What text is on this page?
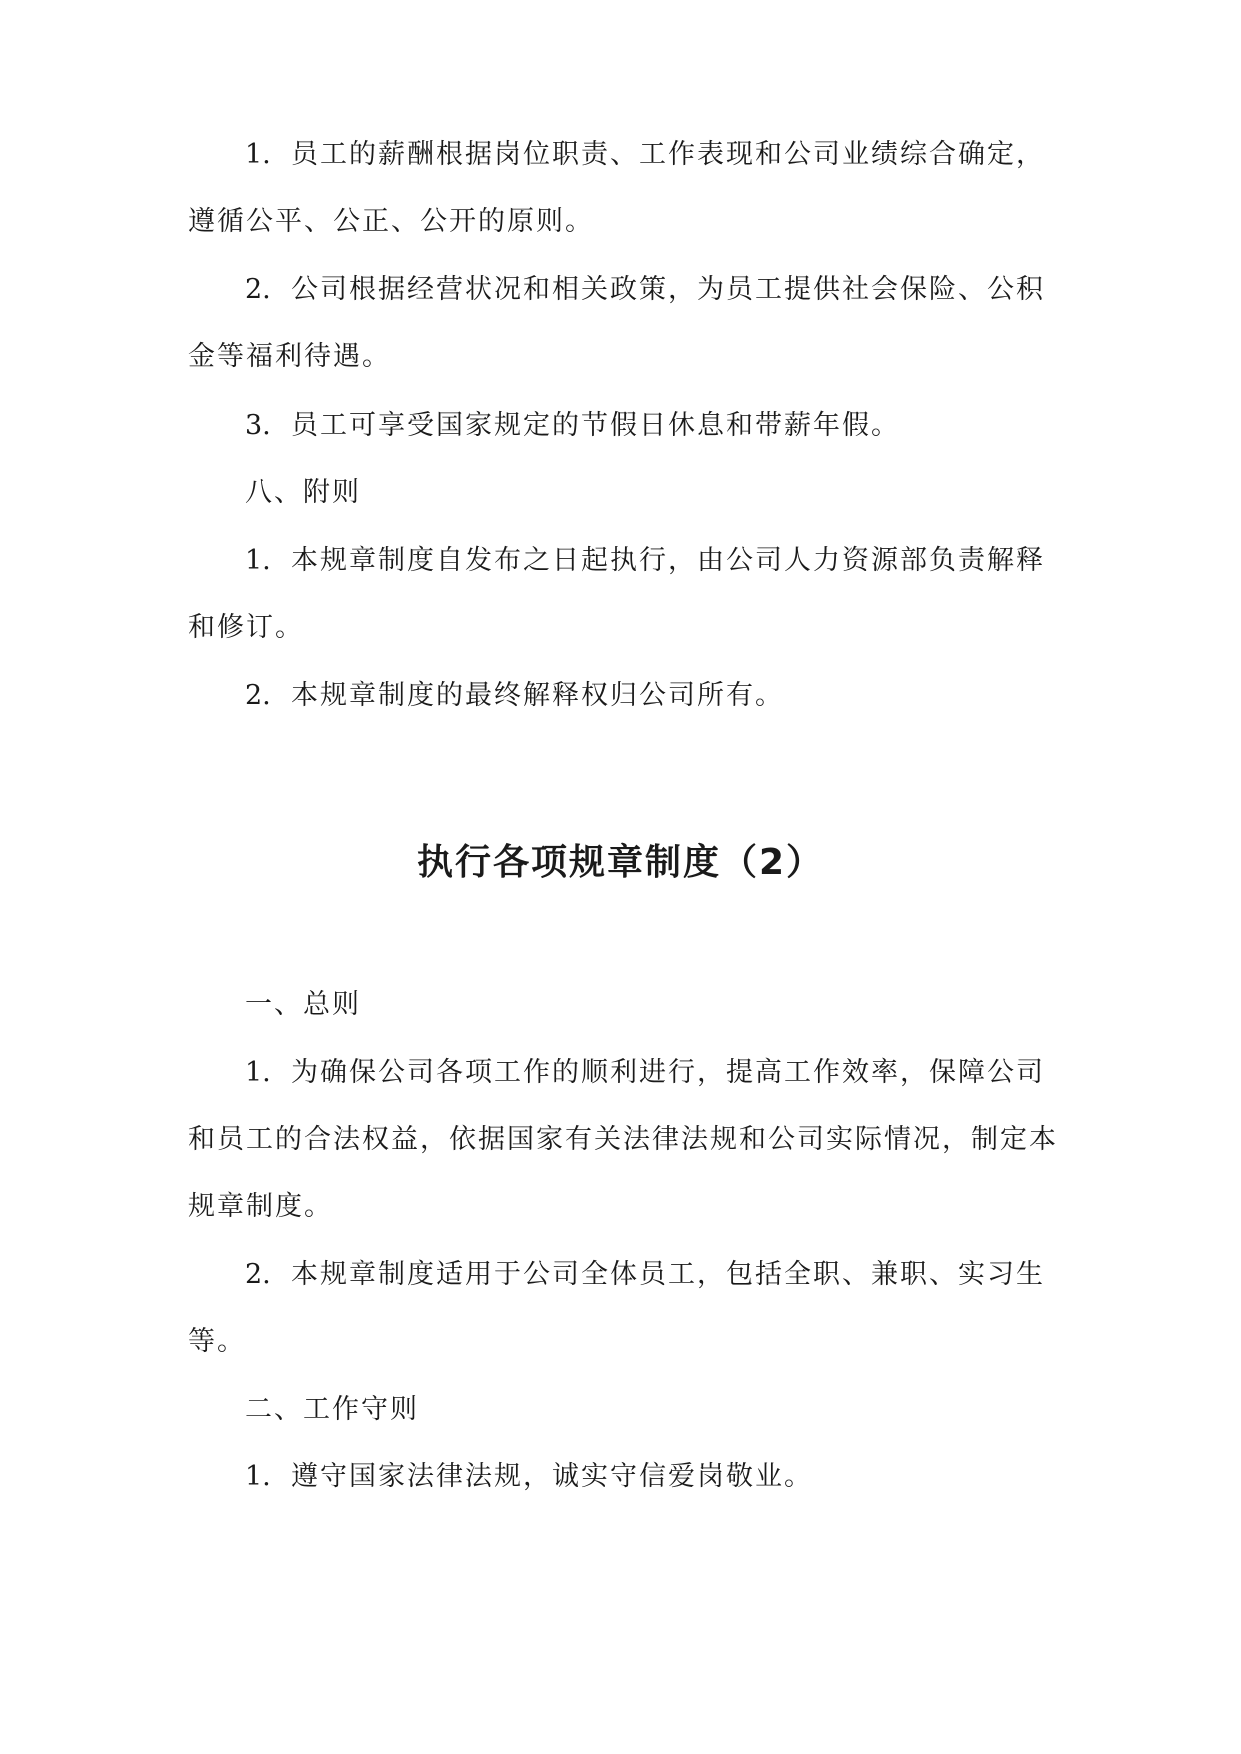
1. 员工的薪酬根据岗位职责、工作表现和公司业绩综合确定，

遵循公平、公正、公开的原则。

2. 公司根据经营状况和相关政策，为员工提供社会保险、公积

金等福利待遇。

3. 员工可享受国家规定的节假日休息和带薪年假。

八、附则

1. 本规章制度自发布之日起执行，由公司人力资源部负责解释

和修订。

2. 本规章制度的最终解释权归公司所有。

执行各项规章制度（2）

一、总则

1. 为确保公司各项工作的顺利进行，提高工作效率，保障公司

和员工的合法权益，依据国家有关法律法规和公司实际情况，制定本

规章制度。

2. 本规章制度适用于公司全体员工，包括全职、兼职、实习生

等。

二、工作守则

1. 遵守国家法律法规，诚实守信爱岗敬业。
